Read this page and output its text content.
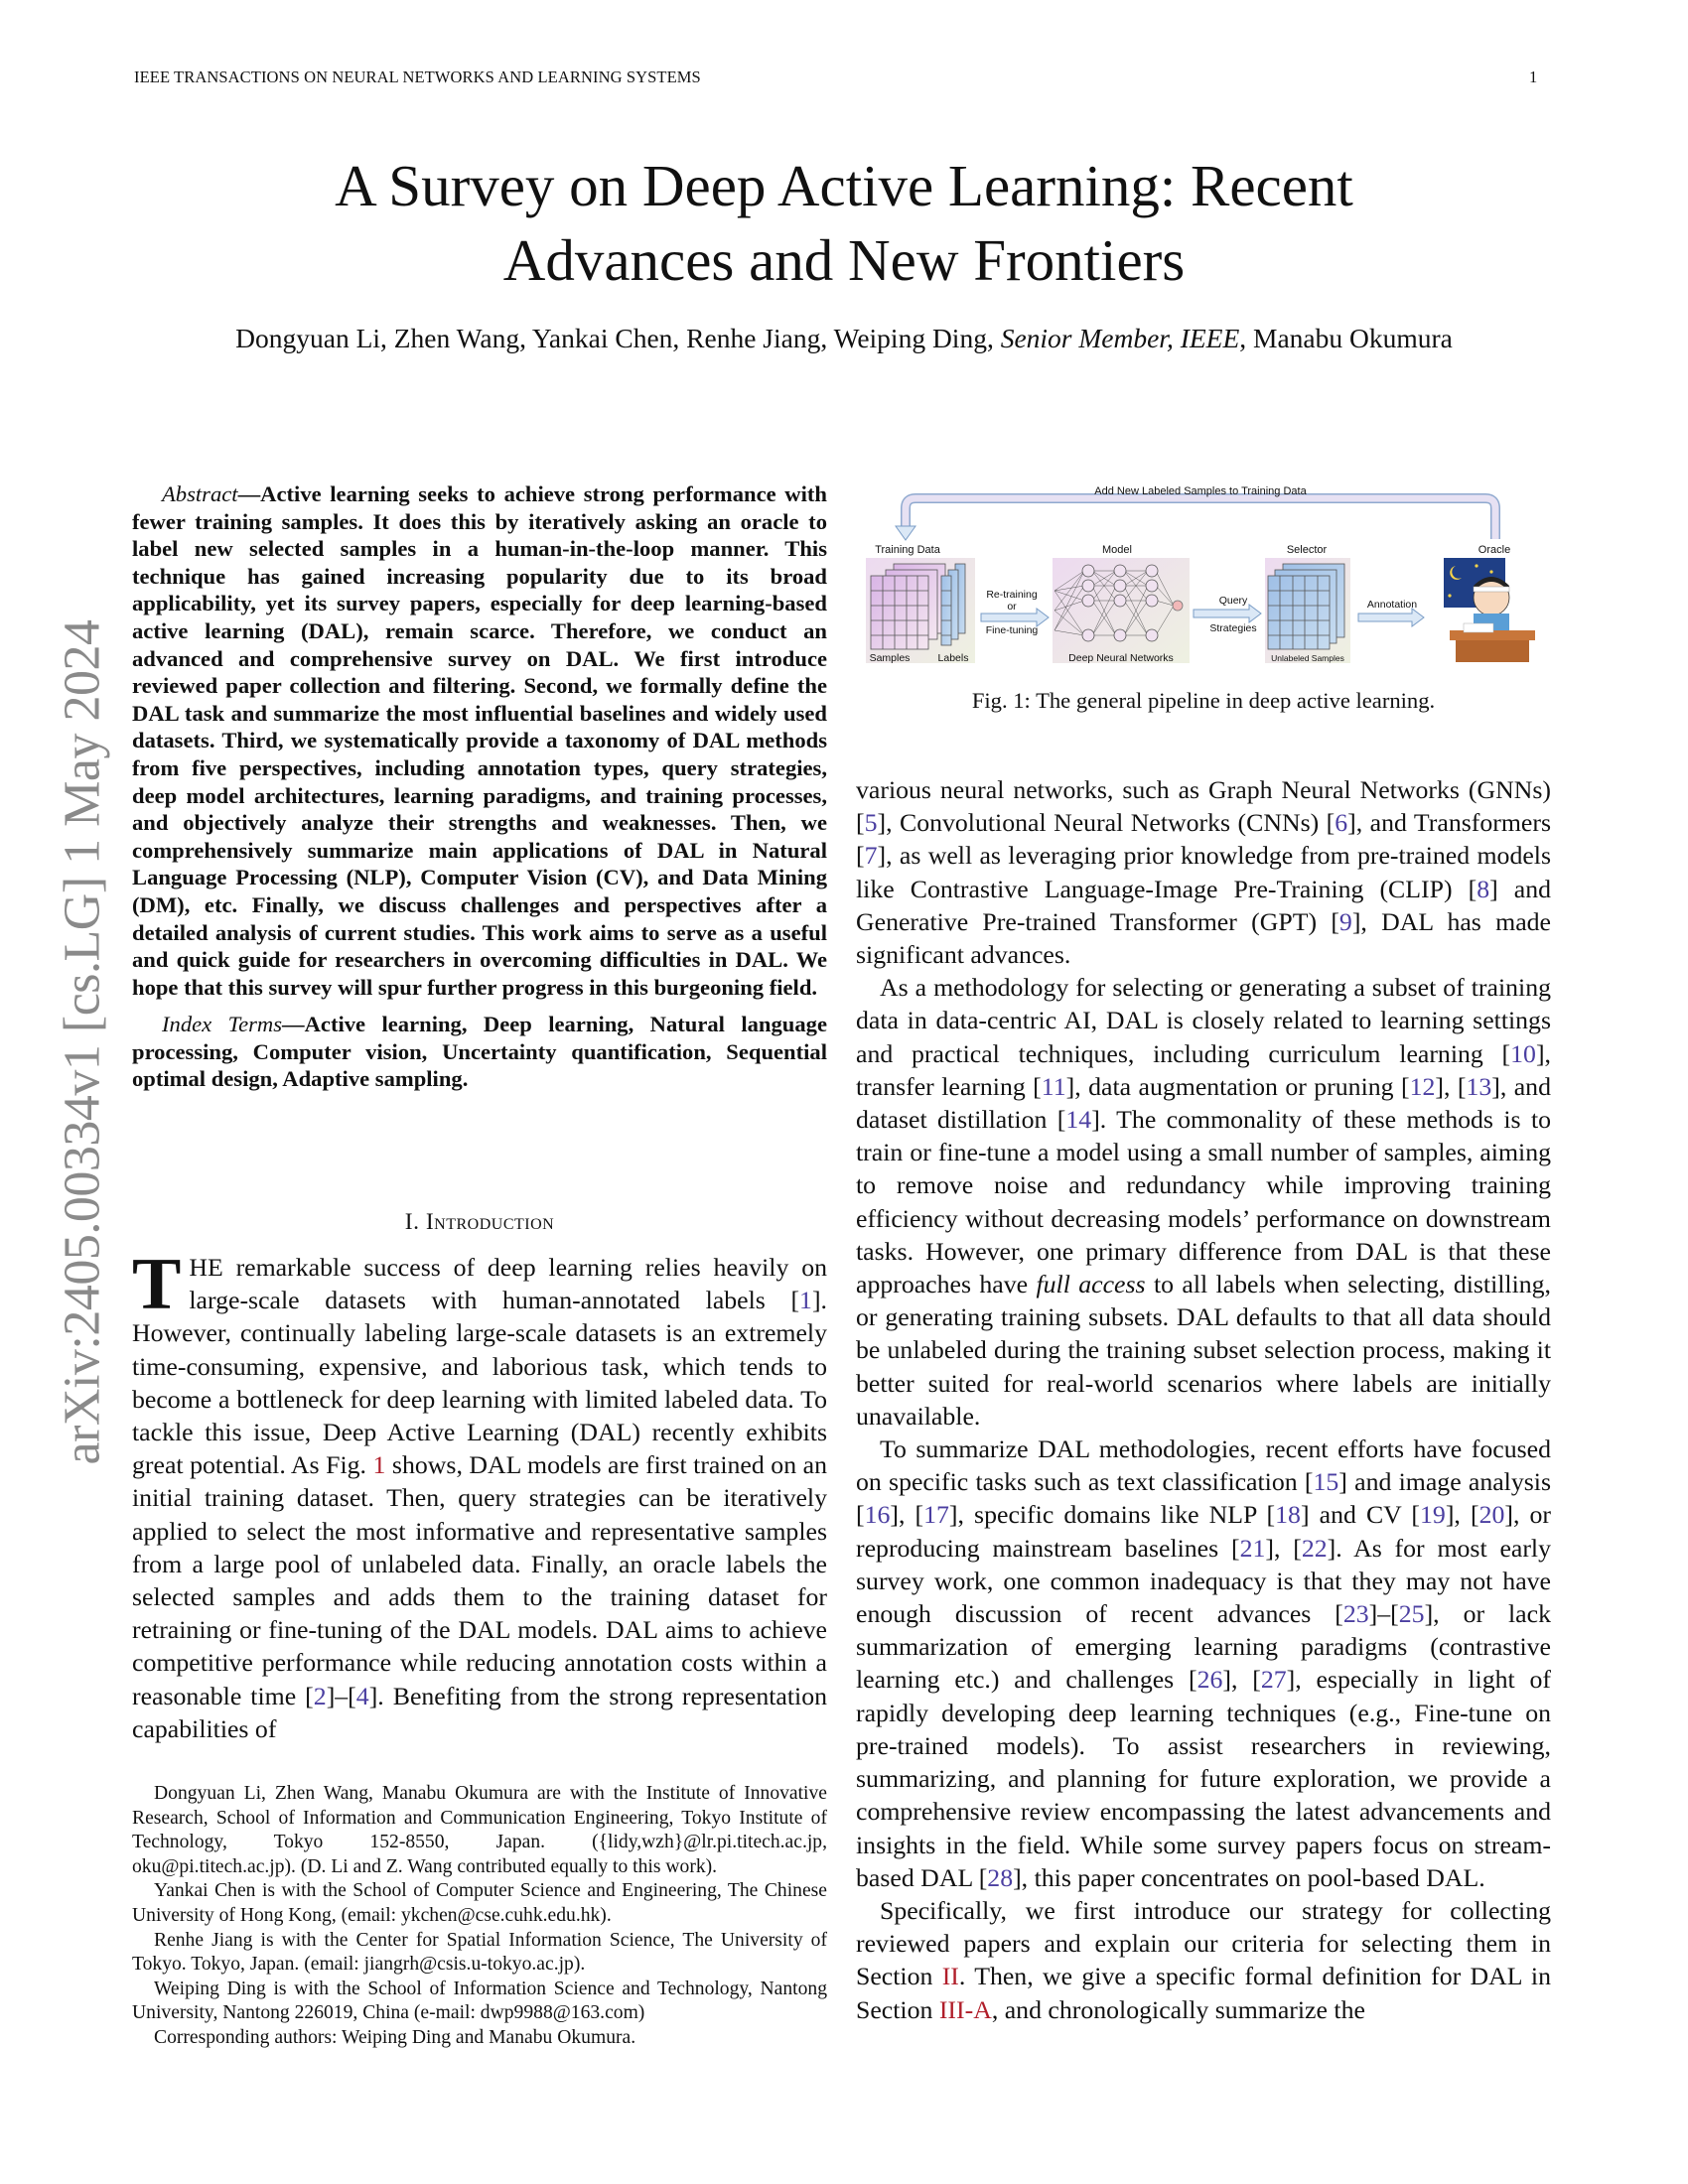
IEEE TRANSACTIONS ON NEURAL NETWORKS AND LEARNING SYSTEMS	1
A Survey on Deep Active Learning: Recent
Advances and New Frontiers
Dongyuan Li, Zhen Wang, Yankai Chen, Renhe Jiang, Weiping Ding, Senior Member, IEEE, Manabu Okumura
arXiv:2405.00334v1 [cs.LG] 1 May 2024

Abstract—Active learning seeks to achieve strong performance with fewer training samples. It does this by iteratively asking an oracle to label new selected samples in a human-in-the-loop manner. This technique has gained increasing popularity due to its broad applicability, yet its survey papers, especially for deep learning-based active learning (DAL), remain scarce. Therefore, we conduct an advanced and comprehensive survey on DAL. We first introduce reviewed paper collection and filtering. Second, we formally define the DAL task and summarize the most influential baselines and widely used datasets. Third, we systematically provide a taxonomy of DAL methods from five perspectives, including annotation types, query strategies, deep model architectures, learning paradigms, and training processes, and objectively analyze their strengths and weaknesses. Then, we comprehensively summarize main applications of DAL in Natural Language Processing (NLP), Computer Vision (CV), and Data Mining (DM), etc. Finally, we discuss challenges and perspectives after a detailed analysis of current studies. This work aims to serve as a useful and quick guide for researchers in overcoming difficulties in DAL. We hope that this survey will spur further progress in this burgeoning field.

Index Terms—Active learning, Deep learning, Natural language processing, Computer vision, Uncertainty quantification, Sequential optimal design, Adaptive sampling.

I. Introduction

THE remarkable success of deep learning relies heavily on large-scale datasets with human-annotated labels [1]. However, continually labeling large-scale datasets is an extremely time-consuming, expensive, and laborious task, which tends to become a bottleneck for deep learning with limited labeled data. To tackle this issue, Deep Active Learning (DAL) recently exhibits great potential. As Fig. 1 shows, DAL models are first trained on an initial training dataset. Then, query strategies can be iteratively applied to select the most informative and representative samples from a large pool of unlabeled data. Finally, an oracle labels the selected samples and adds them to the training dataset for retraining or fine-tuning of the DAL models. DAL aims to achieve competitive performance while reducing annotation costs within a reasonable time [2]–[4]. Benefiting from the strong representation capabilities of

Add New Labeled Samples to Training Data
Training Data
Samples	Labels
Re-training
or
Fine-tuning
Model
Deep Neural Networks
Query
Strategies
Selector
Unlabeled Samples
Annotation
Oracle
Fig. 1: The general pipeline in deep active learning.

various neural networks, such as Graph Neural Networks (GNNs) [5], Convolutional Neural Networks (CNNs) [6], and Transformers [7], as well as leveraging prior knowledge from pre-trained models like Contrastive Language-Image Pre-Training (CLIP) [8] and Generative Pre-trained Transformer (GPT) [9], DAL has made significant advances.

As a methodology for selecting or generating a subset of training data in data-centric AI, DAL is closely related to learning settings and practical techniques, including curriculum learning [10], transfer learning [11], data augmentation or pruning [12], [13], and dataset distillation [14]. The commonality of these methods is to train or fine-tune a model using a small number of samples, aiming to remove noise and redundancy while improving training efficiency without decreasing models’ performance on downstream tasks. However, one primary difference from DAL is that these approaches have full access to all labels when selecting, distilling, or generating training subsets. DAL defaults to that all data should be unlabeled during the training subset selection process, making it better suited for real-world scenarios where labels are initially unavailable.

To summarize DAL methodologies, recent efforts have focused on specific tasks such as text classification [15] and image analysis [16], [17], specific domains like NLP [18] and CV [19], [20], or reproducing mainstream baselines [21], [22]. As for most early survey work, one common inadequacy is that they may not have enough discussion of recent advances [23]–[25], or lack summarization of emerging learning paradigms (contrastive learning etc.) and challenges [26], [27], especially in light of rapidly developing deep learning techniques (e.g., Fine-tune on pre-trained models). To assist researchers in reviewing, summarizing, and planning for future exploration, we provide a comprehensive review encompassing the latest advancements and insights in the field. While some survey papers focus on stream-based DAL [28], this paper concentrates on pool-based DAL.

Specifically, we first introduce our strategy for collecting reviewed papers and explain our criteria for selecting them in Section II. Then, we give a specific formal definition for DAL in Section III-A, and chronologically summarize the

Dongyuan Li, Zhen Wang, Manabu Okumura are with the Institute of Innovative Research, School of Information and Communication Engineering, Tokyo Institute of Technology, Tokyo 152-8550, Japan. ({lidy,wzh}@lr.pi.titech.ac.jp, oku@pi.titech.ac.jp). (D. Li and Z. Wang contributed equally to this work).

Yankai Chen is with the School of Computer Science and Engineering, The Chinese University of Hong Kong, (email: ykchen@cse.cuhk.edu.hk).

Renhe Jiang is with the Center for Spatial Information Science, The University of Tokyo. Tokyo, Japan. (email: jiangrh@csis.u-tokyo.ac.jp).

Weiping Ding is with the School of Information Science and Technology, Nantong University, Nantong 226019, China (e-mail: dwp9988@163.com)

Corresponding authors: Weiping Ding and Manabu Okumura.
